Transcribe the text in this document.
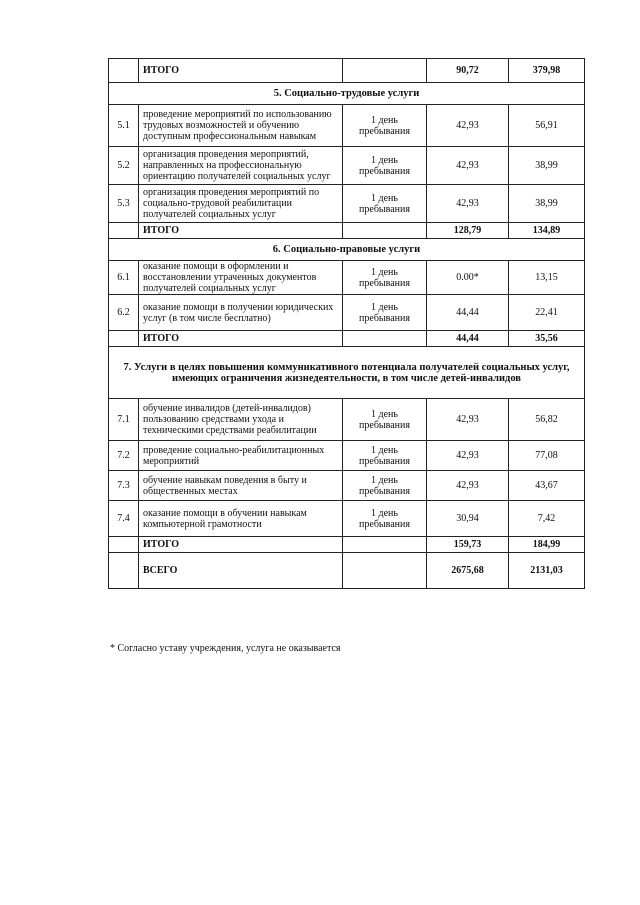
	ИТОГО		90,72	379,98
5. Социально-трудовые услуги				
5.1	проведение мероприятий по использованию трудовых возможностей и обучению доступным профессиональным навыкам	1 день пребывания	42,93	56,91
5.2	организация проведения мероприятий, направленных на профессиональную ориентацию получателей социальных услуг	1 день пребывания	42,93	38,99
5.3	организация проведения мероприятий по социально-трудовой реабилитации получателей социальных услуг	1 день пребывания	42,93	38,99
	ИТОГО		128,79	134,89
6. Социально-правовые услуги				
6.1	оказание помощи в оформлении и восстановлении утраченных документов получателей социальных услуг	1 день пребывания	0.00*	13,15
6.2	оказание помощи в получении юридических услуг (в том числе бесплатно)	1 день пребывания	44,44	22,41
	ИТОГО		44,44	35,56
7. Услуги в целях повышения коммуникативного потенциала получателей социальных услуг, имеющих ограничения жизнедеятельности, в том числе детей-инвалидов				
7.1	обучение инвалидов (детей-инвалидов) пользованию средствами ухода и техническими средствами реабилитации	1 день пребывания	42,93	56,82
7.2	проведение социально-реабилитационных мероприятий	1 день пребывания	42,93	77,08
7.3	обучение навыкам поведения в быту и общественных местах	1 день пребывания	42,93	43,67
7.4	оказание помощи в обучении навыкам компьютерной грамотности	1 день пребывания	30,94	7,42
	ИТОГО		159,73	184,99
	ВСЕГО		2675,68	2131,03
* Согласно уставу учреждения, услуга не оказывается
